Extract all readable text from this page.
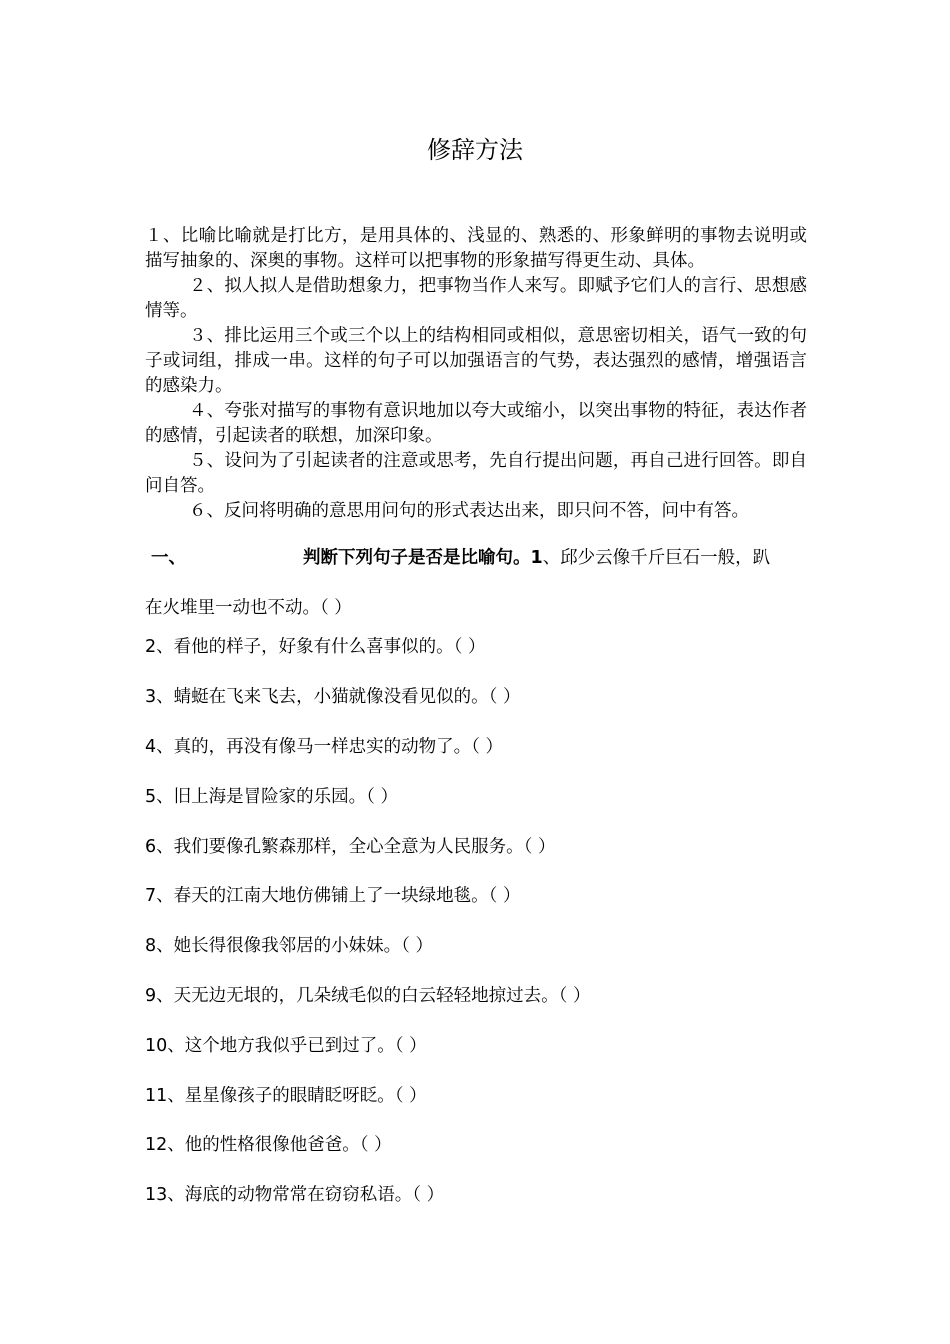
修辞方法

１、比喻比喻就是打比方，是用具体的、浅显的、熟悉的、形象鲜明的事物去说明或描写抽象的、深奥的事物。这样可以把事物的形象描写得更生动、具体。

２、拟人拟人是借助想象力，把事物当作人来写。即赋予它们人的言行、思想感情等。

３、排比运用三个或三个以上的结构相同或相似，意思密切相关，语气一致的句子或词组，排成一串。这样的句子可以加强语言的气势，表达强烈的感情，增强语言的感染力。

４、夸张对描写的事物有意识地加以夸大或缩小，以突出事物的特征，表达作者的感情，引起读者的联想，加深印象。

５、设问为了引起读者的注意或思考，先自行提出问题，再自己进行回答。即自问自答。

６、反问将明确的意思用问句的形式表达出来，即只问不答，问中有答。

一、	判断下列句子是否是比喻句。1、邱少云像千斤巨石一般，趴
在火堆里一动也不动。（ ）
2、看他的样子，好象有什么喜事似的。（ ）
3、蜻蜓在飞来飞去，小猫就像没看见似的。（ ）
4、真的，再没有像马一样忠实的动物了。（ ）
5、旧上海是冒险家的乐园。（ ）
6、我们要像孔繁森那样，全心全意为人民服务。（ ）
7、春天的江南大地仿佛铺上了一块绿地毯。（ ）
8、她长得很像我邻居的小妹妹。（ ）
9、天无边无垠的，几朵绒毛似的白云轻轻地掠过去。（ ）
10、这个地方我似乎已到过了。（ ）
11、星星像孩子的眼睛眨呀眨。（ ）
12、他的性格很像他爸爸。（ ）
13、海底的动物常常在窃窃私语。（ ）
